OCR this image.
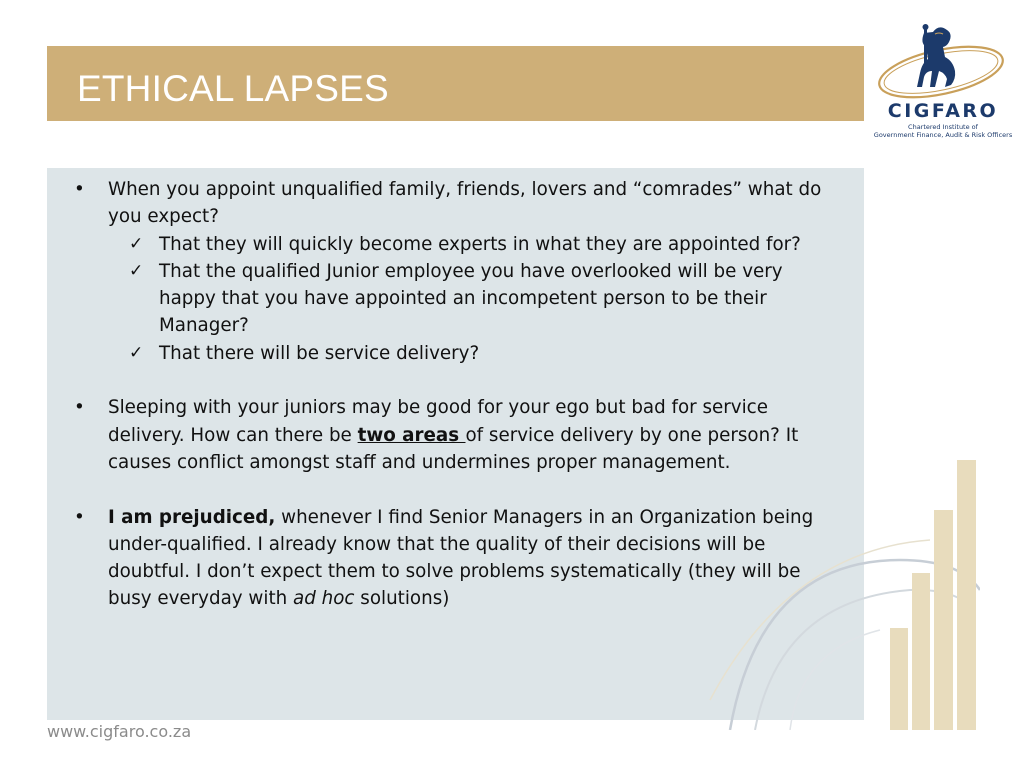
ETHICAL LAPSES
CIGFARO
Chartered Institute of
Government Finance, Audit & Risk Officers
• When you appoint unqualified family, friends, lovers and “comrades” what do you expect?
✓ That they will quickly become experts in what they are appointed for?
✓ That the qualified Junior employee you have overlooked will be very happy that you have appointed an incompetent person to be their Manager?
✓ That there will be service delivery?
• Sleeping with your juniors may be good for your ego but bad for service delivery. How can there be two areas of service delivery by one person? It causes conflict amongst staff and undermines proper management.
• I am prejudiced, whenever I find Senior Managers in an Organization being under-qualified. I already know that the quality of their decisions will be doubtful. I don’t expect them to solve problems systematically (they will be busy everyday with ad hoc solutions)
www.cigfaro.co.za
